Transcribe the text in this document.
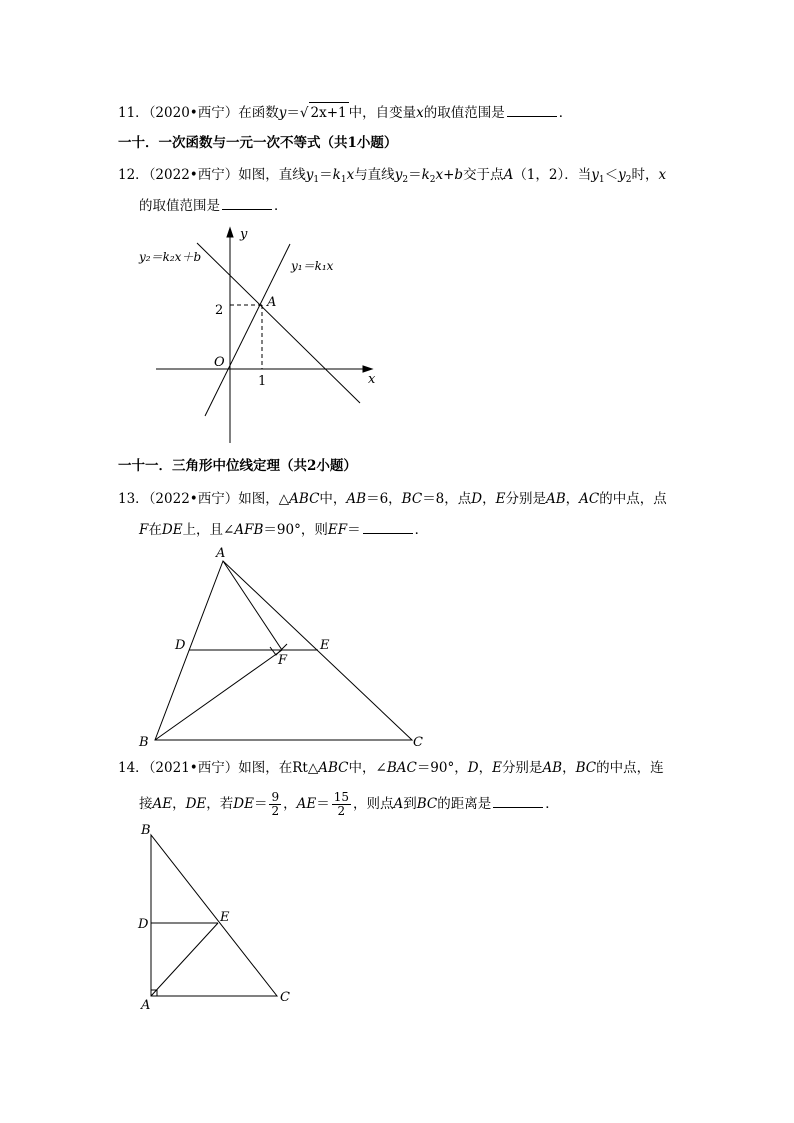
11．（2020•西宁）在函数y＝√ 2x+1 中，自变量x的取值范围是	．
一十．一次函数与一元一次不等式（共1小题）
12．（2022•西宁）如图，直线$y_1=k_1x$与直线$y_2=k_2x+b$交于点A（1，2）．当$y_1<y_2$时，x
的取值范围是	．
y
x
O
1
2
A
y₂＝k₂x＋b
y₁＝k₁x
一十一．三角形中位线定理（共2小题）
13．（2022•西宁）如图，△ABC中，AB＝6，BC＝8，点D，E分别是AB，AC的中点，点
F在DE上，且∠AFB＝90°，则EF＝	．
A
B	C
D	E
F
14．（2021•西宁）如图，在Rt△ABC中，∠BAC＝90°，D，E分别是AB，BC的中点，连
接AE，DE，若$DE= \frac{9}{2}$ ，$AE= \frac{15}{2}$ ，则点A到BC的距离是	．
B
D	E
A
C
